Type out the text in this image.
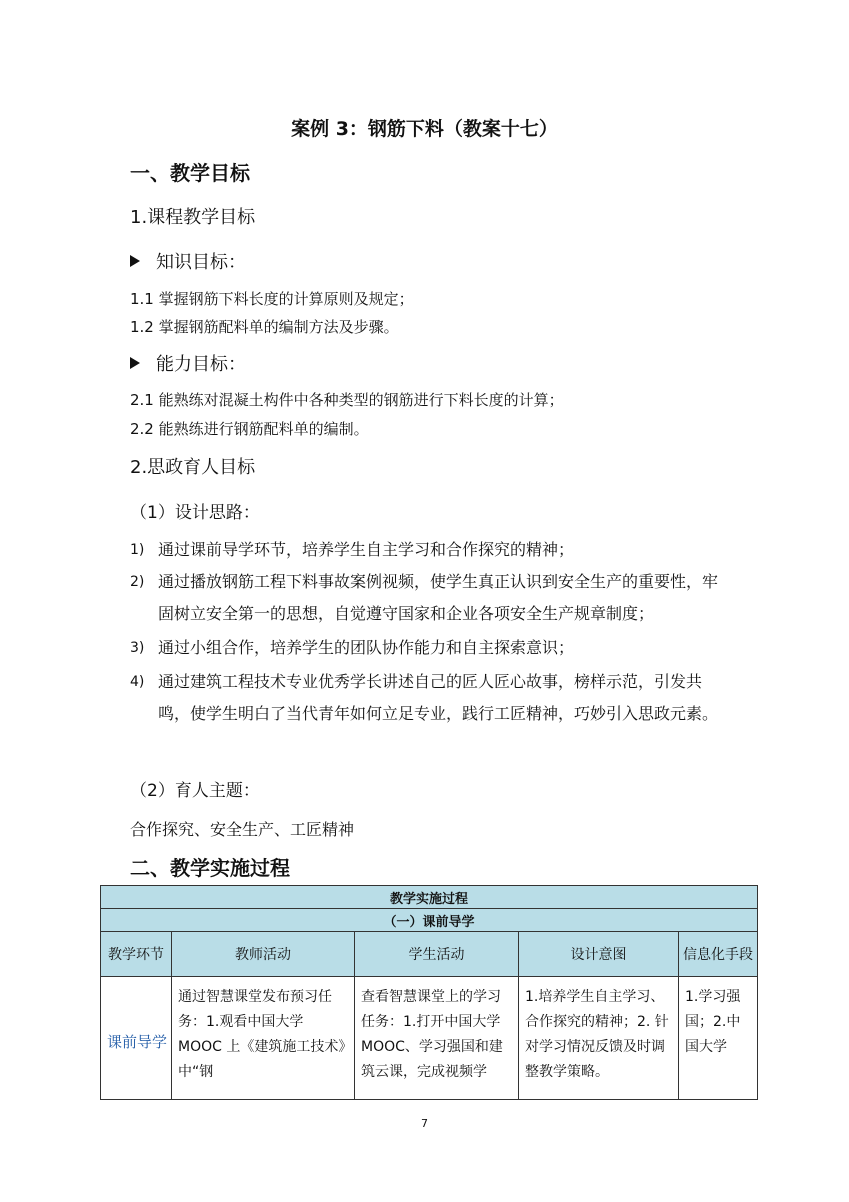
案例 3：钢筋下料（教案十七）
一、教学目标
1.课程教学目标
知识目标：
1.1 掌握钢筋下料长度的计算原则及规定；
1.2 掌握钢筋配料单的编制方法及步骤。
能力目标：
2.1 能熟练对混凝土构件中各种类型的钢筋进行下料长度的计算；
2.2 能熟练进行钢筋配料单的编制。
2.思政育人目标
（1）设计思路：
1) 通过课前导学环节，培养学生自主学习和合作探究的精神；
2) 通过播放钢筋工程下料事故案例视频，使学生真正认识到安全生产的重要性，牢固树立安全第一的思想，自觉遵守国家和企业各项安全生产规章制度；
3) 通过小组合作，培养学生的团队协作能力和自主探索意识；
4) 通过建筑工程技术专业优秀学长讲述自己的匠人匠心故事，榜样示范，引发共鸣，使学生明白了当代青年如何立足专业，践行工匠精神，巧妙引入思政元素。
（2）育人主题：
合作探究、安全生产、工匠精神
二、教学实施过程
教学实施过程				
（一）课前导学				
教学环节	教师活动	学生活动	设计意图	信息化手段
课前导学	通过智慧课堂发布预习任务：1.观看中国大学 MOOC 上《建筑施工技术》中“钢	查看智慧课堂上的学习任务：1.打开中国大学MOOC、学习强国和建筑云课，完成视频学	1.培养学生自主学习、合作探究的精神；2. 针对学习情况反馈及时调整教学策略。	1.学习强国；2.中国大学
7
